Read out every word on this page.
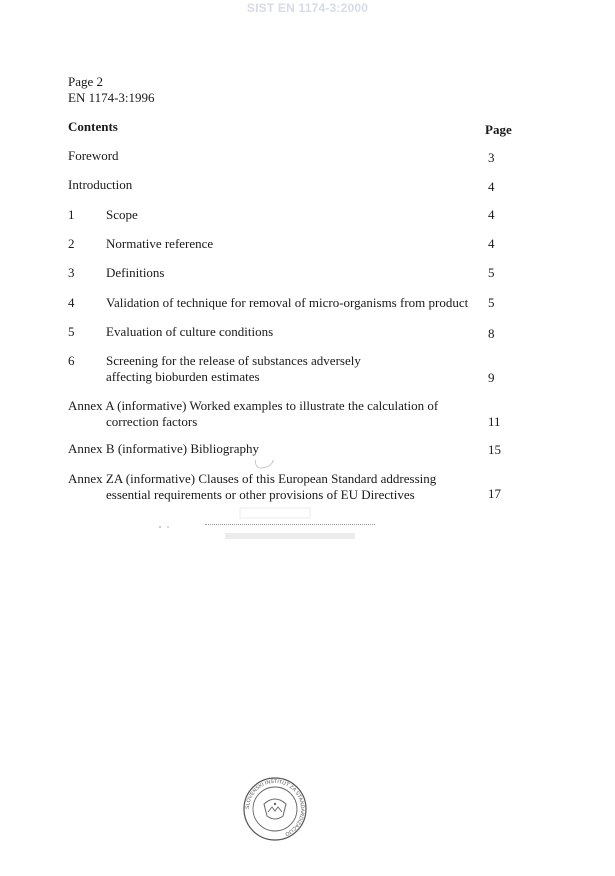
SIST EN 1174-3:2000
Page 2
EN 1174-3:1996
Contents	Page
Foreword	3
Introduction	4
1 Scope	4
2 Normative reference	4
3 Definitions	5
4 Validation of technique for removal of micro-organisms from product 5
5 Evaluation of culture conditions	8
6 Screening for the release of substances adversely
affecting bioburden estimates	9
Annex A (informative) Worked examples to illustrate the calculation of
correction factors	11
Annex B (informative) Bibliography	15
Annex ZA (informative) Clauses of this European Standard addressing
essential requirements or other provisions of EU Directives	17
SLOVENSKI INŠTITUT ZA STANDARDIZACIJO
